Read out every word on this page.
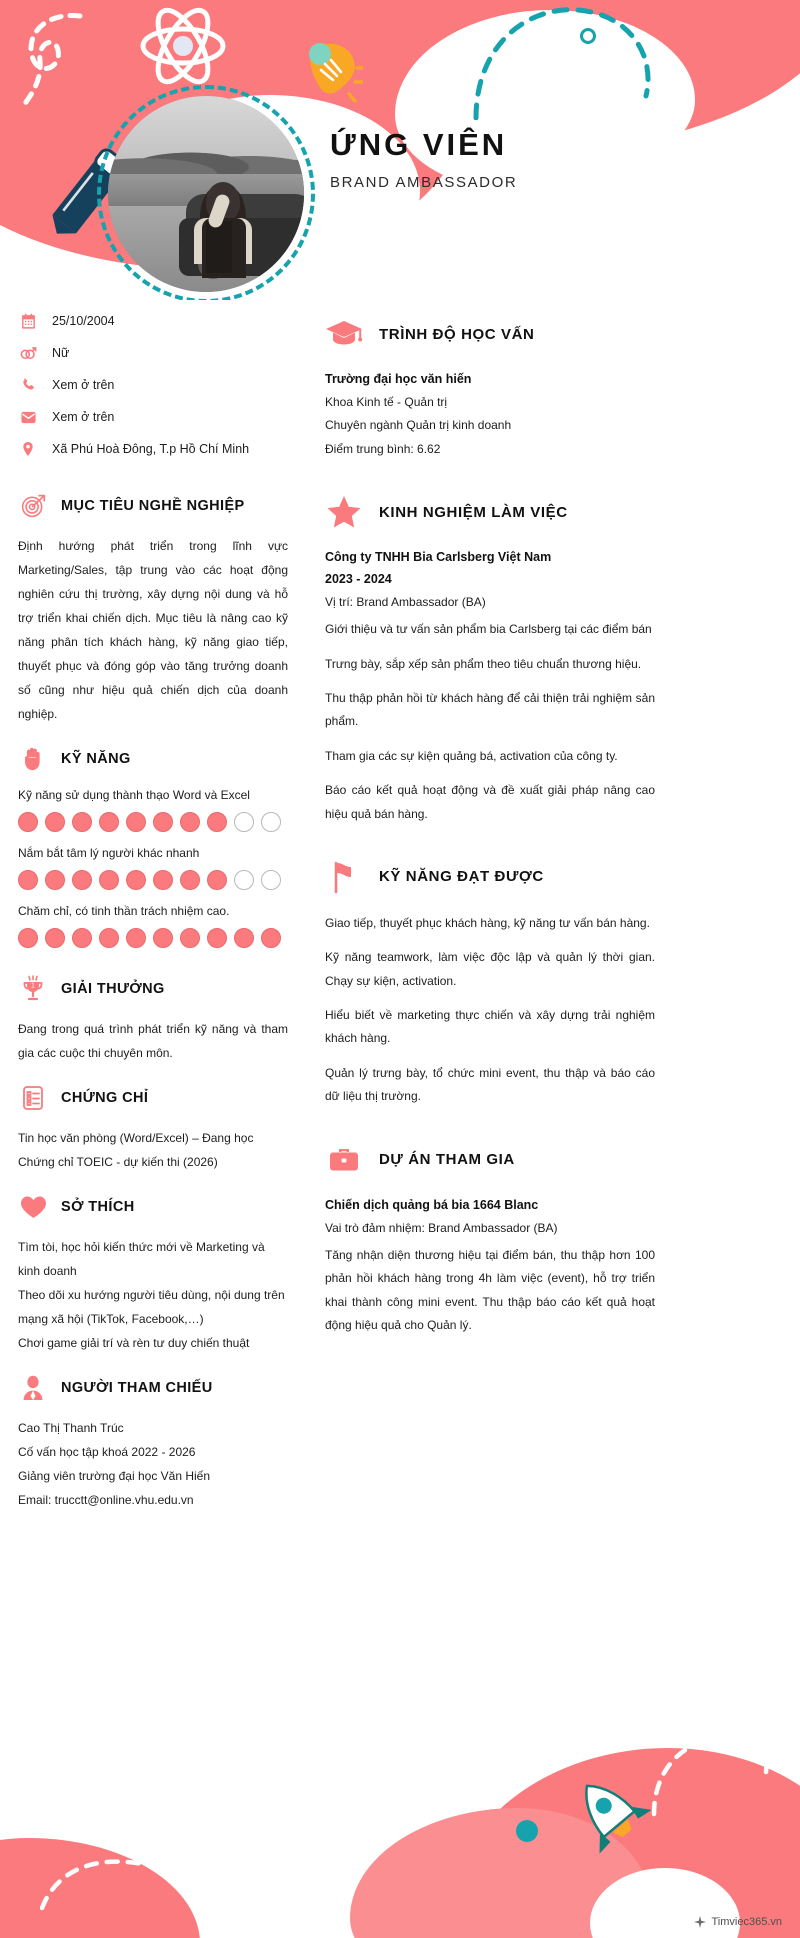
ỨNG VIÊN
BRAND AMBASSADOR
25/10/2004
Nữ
Xem ở trên
Xem ở trên
Xã Phú Hoà Đông, T.p Hồ Chí Minh
MỤC TIÊU NGHỀ NGHIỆP
Định hướng phát triển trong lĩnh vực Marketing/Sales, tập trung vào các hoạt động nghiên cứu thị trường, xây dựng nội dung và hỗ trợ triển khai chiến dịch. Mục tiêu là nâng cao kỹ năng phân tích khách hàng, kỹ năng giao tiếp, thuyết phục và đóng góp vào tăng trưởng doanh số cũng như hiệu quả chiến dịch của doanh nghiệp.
KỸ NĂNG
Kỹ năng sử dụng thành thạo Word và Excel
Nắm bắt tâm lý người khác nhanh
Chăm chỉ, có tinh thần trách nhiệm cao.
1 GIẢI THƯỞNG
Đang trong quá trình phát triển kỹ năng và tham gia các cuộc thi chuyên môn.
CHỨNG CHỈ
Tin học văn phòng (Word/Excel) – Đang học
Chứng chỉ TOEIC - dự kiến thi (2026)
SỞ THÍCH
Tìm tòi, học hỏi kiến thức mới về Marketing và kinh doanh
Theo dõi xu hướng người tiêu dùng, nội dung trên mạng xã hội (TikTok, Facebook,…)
Chơi game giải trí và rèn tư duy chiến thuật
NGƯỜI THAM CHIẾU
Cao Thị Thanh Trúc
Cố vấn học tập khoá 2022 - 2026
Giảng viên trường đại học Văn Hiến
Email: trucctt@online.vhu.edu.vn
TRÌNH ĐỘ HỌC VẤN
Trường đại học văn hiến
Khoa Kinh tế - Quản trị
Chuyên ngành Quản trị kinh doanh
Điểm trung bình: 6.62
KINH NGHIỆM LÀM VIỆC
Công ty TNHH Bia Carlsberg Việt Nam
2023 - 2024
Vị trí: Brand Ambassador (BA)
Giới thiệu và tư vấn sản phẩm bia Carlsberg tại các điểm bán
Trưng bày, sắp xếp sản phẩm theo tiêu chuẩn thương hiệu.
Thu thập phản hồi từ khách hàng để cải thiện trải nghiệm sản phẩm.
Tham gia các sự kiện quảng bá, activation của công ty.
Báo cáo kết quả hoạt động và đề xuất giải pháp nâng cao hiệu quả bán hàng.
KỸ NĂNG ĐẠT ĐƯỢC
Giao tiếp, thuyết phục khách hàng, kỹ năng tư vấn bán hàng.
Kỹ năng teamwork, làm việc độc lập và quản lý thời gian. Chạy sự kiện, activation.
Hiểu biết về marketing thực chiến và xây dựng trải nghiệm khách hàng.
Quản lý trưng bày, tổ chức mini event, thu thập và báo cáo dữ liệu thị trường.
DỰ ÁN THAM GIA
Chiến dịch quảng bá bia 1664 Blanc
Vai trò đảm nhiệm: Brand Ambassador (BA)
Tăng nhận diện thương hiệu tại điểm bán, thu thập hơn 100 phản hồi khách hàng trong 4h làm việc (event), hỗ trợ triển khai thành công mini event. Thu thập báo cáo kết quả hoạt động hiệu quả cho Quản lý.
Timviec365.vn
